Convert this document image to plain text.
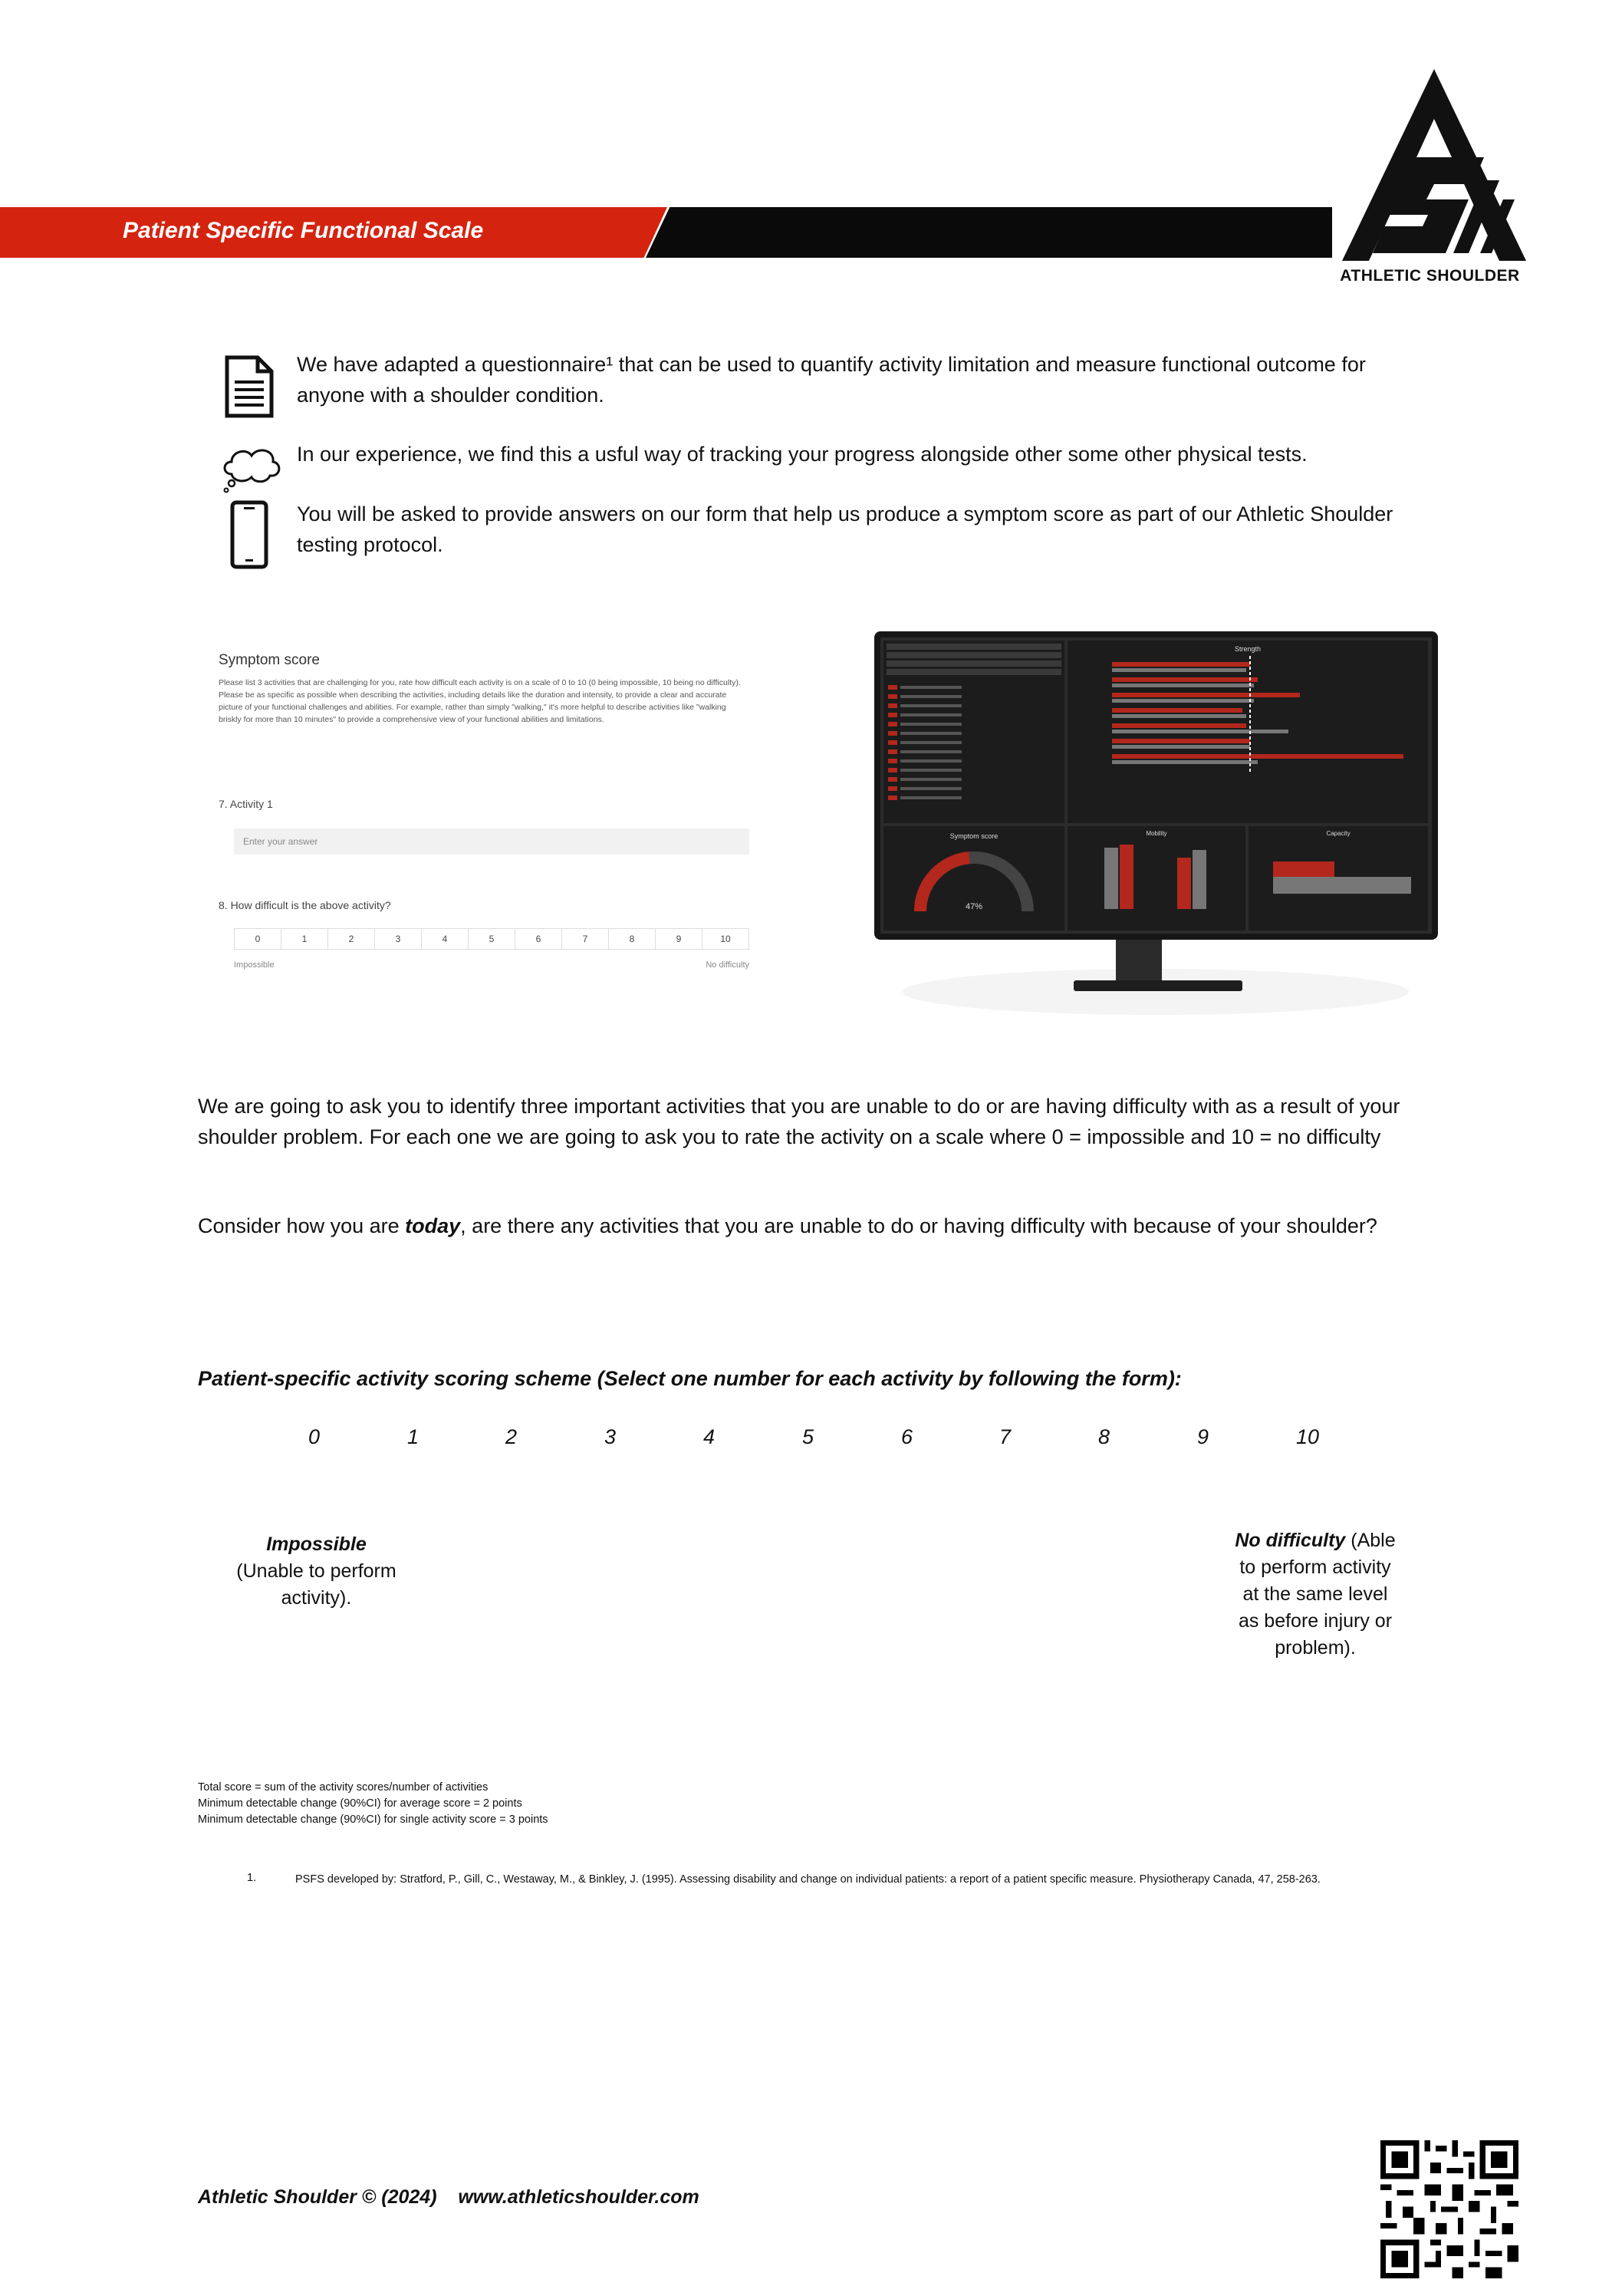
Patient Specific Functional Scale
ATHLETIC SHOULDER
We have adapted a questionnaire¹ that can be used to quantify activity limitation and measure functional outcome for anyone with a shoulder condition.
In our experience, we find this a usful way of tracking your progress alongside other some other physical tests.
You will be asked to provide answers on our form that help us produce a symptom score as part of our Athletic Shoulder testing protocol.
Symptom score
Please list 3 activities that are challenging for you, rate how difficult each activity is on a scale of 0 to 10 (0 being impossible, 10 being no difficulty). Please be as specific as possible when describing the activities, including details like the duration and intensity, to provide a clear and accurate picture of your functional challenges and abilities. For example, rather than simply "walking," it's more helpful to describe activities like "walking briskly for more than 10 minutes" to provide a comprehensive view of your functional abilities and limitations.
7. Activity 1
Enter your answer
8. How difficult is the above activity?
0	1	2	3	4	5	6	7	8	9	10
Impossible	No difficulty
Strength
Symptom score
47%
Mobility	Capacity
We are going to ask you to identify three important activities that you are unable to do or are having difficulty with as a result of your shoulder problem. For each one we are going to ask you to rate the activity on a scale where 0 = impossible and 10 = no difficulty
Consider how you are today, are there any activities that you are unable to do or having difficulty with because of your shoulder?
Patient-specific activity scoring scheme (Select one number for each activity by following the form):
0	1	2	3	4	5	6	7	8	9	10
Impossible
(Unable to perform
activity).
No difficulty (Able
to perform activity
at the same level
as before injury or
problem).
Total score = sum of the activity scores/number of activities
Minimum detectable change (90%CI) for average score = 2 points
Minimum detectable change (90%CI) for single activity score = 3 points
1.	PSFS developed by: Stratford, P., Gill, C., Westaway, M., & Binkley, J. (1995). Assessing disability and change on individual patients: a report of a patient specific measure. Physiotherapy Canada, 47, 258-263.
Athletic Shoulder © (2024) www.athleticshoulder.com
